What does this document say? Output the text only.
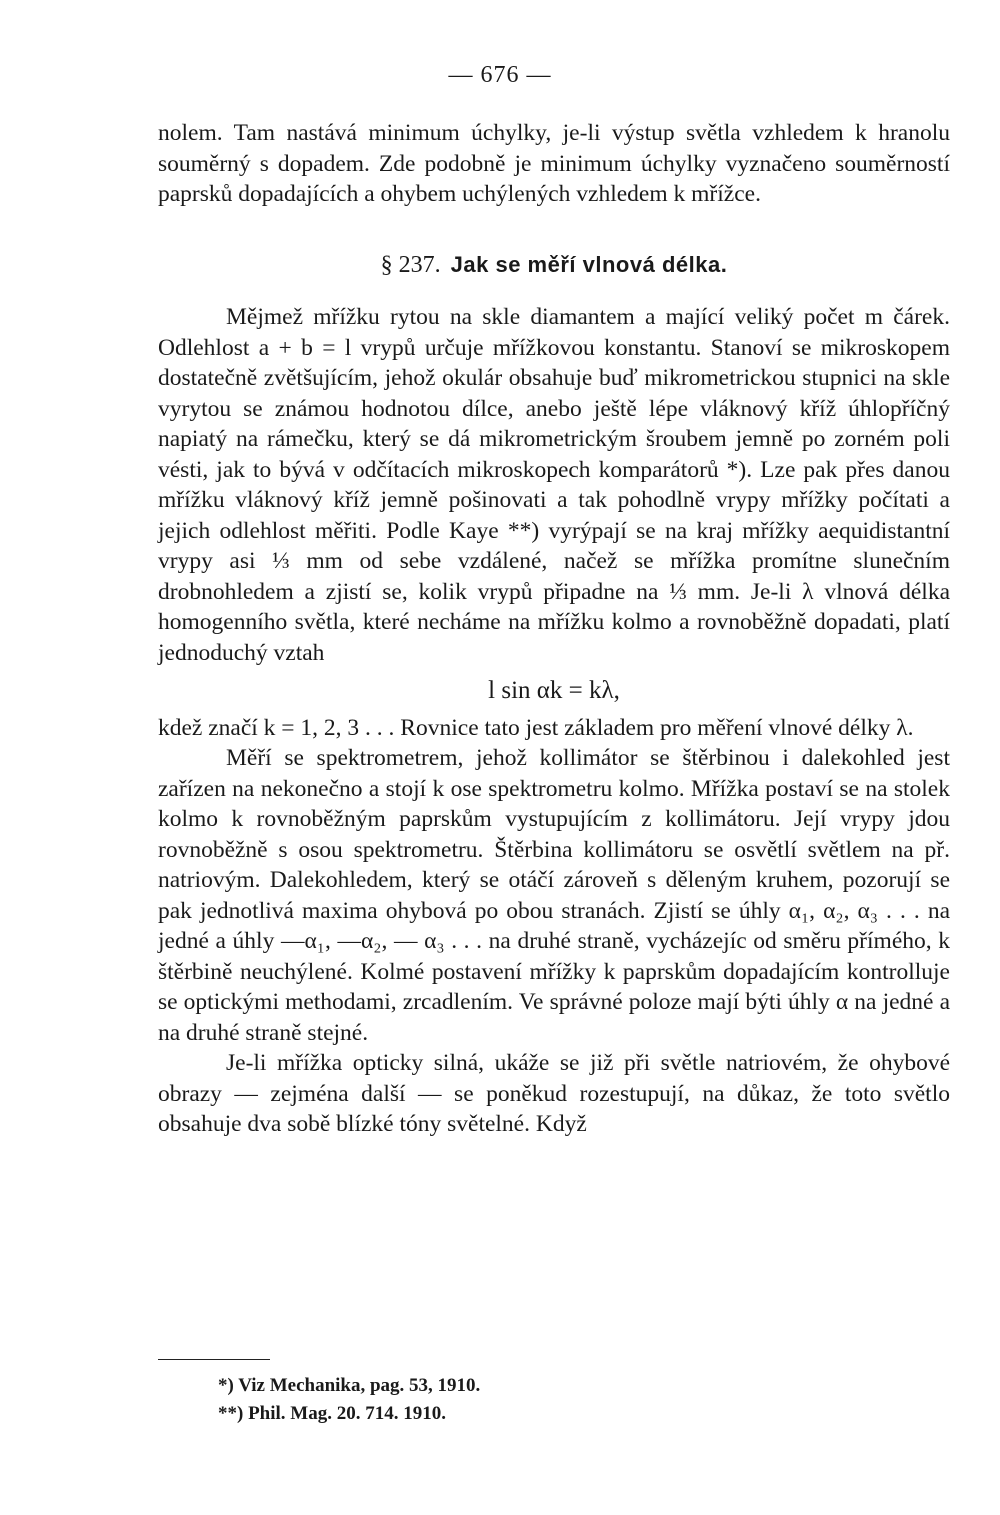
— 676 —

nolem. Tam nastává minimum úchylky, je-li výstup světla vzhledem k hranolu souměrný s dopadem. Zde podobně je minimum úchylky vyznačeno souměrností paprsků dopadajících a ohybem uchýlených vzhledem k mřížce.

§ 237. Jak se měří vlnová délka.

Mějmež mřížku rytou na skle diamantem a mající veliký počet m čárek. Odlehlost a + b = l vrypů určuje mřížkovou konstantu. Stanoví se mikroskopem dostatečně zvětšujícím, jehož okulár obsahuje buď mikrometrickou stupnici na skle vyrytou se známou hodnotou dílce, anebo ještě lépe vláknový kříž úhlopříčný napiatý na rámečku, který se dá mikrometrickým šroubem jemně po zorném poli vésti, jak to bývá v odčítacích mikroskopech komparátorů *). Lze pak přes danou mřížku vláknový kříž jemně pošinovati a tak pohodlně vrypy mřížky počítati a jejich odlehlost měřiti. Podle Kaye **) vyrýpají se na kraj mřížky aequidistantní vrypy asi ⅓ mm od sebe vzdálené, načež se mřížka promítne slunečním drobnohledem a zjistí se, kolik vrypů připadne na ⅓ mm. Je-li λ vlnová délka homogenního světla, které necháme na mřížku kolmo a rovnoběžně dopadati, platí jednoduchý vztah

l sin αk = kλ,

kdež značí k = 1, 2, 3 . . . Rovnice tato jest základem pro měření vlnové délky λ.

Měří se spektrometrem, jehož kollimátor se štěrbinou i dalekohled jest zařízen na nekonečno a stojí k ose spektrometru kolmo. Mřížka postaví se na stolek kolmo k rovnoběžným paprskům vystupujícím z kollimátoru. Její vrypy jdou rovnoběžně s osou spektrometru. Štěrbina kollimátoru se osvětlí světlem na př. natriovým. Dalekohledem, který se otáčí zároveň s děleným kruhem, pozorují se pak jednotlivá maxima ohybová po obou stranách. Zjistí se úhly α₁, α₂, α₃ . . . na jedné a úhly —α₁, —α₂, — α₃ . . . na druhé straně, vycházejíc od směru přímého, k štěrbině neuchýlené. Kolmé postavení mřížky k paprskům dopadajícím kontrolluje se optickými methodami, zrcadlením. Ve správné poloze mají býti úhly α na jedné a na druhé straně stejné.

Je-li mřížka opticky silná, ukáže se již při světle natriovém, že ohybové obrazy — zejména další — se poněkud rozestupují, na důkaz, že toto světlo obsahuje dva sobě blízké tóny světelné. Když

*) Viz Mechanika, pag. 53, 1910.
**) Phil. Mag. 20. 714. 1910.
